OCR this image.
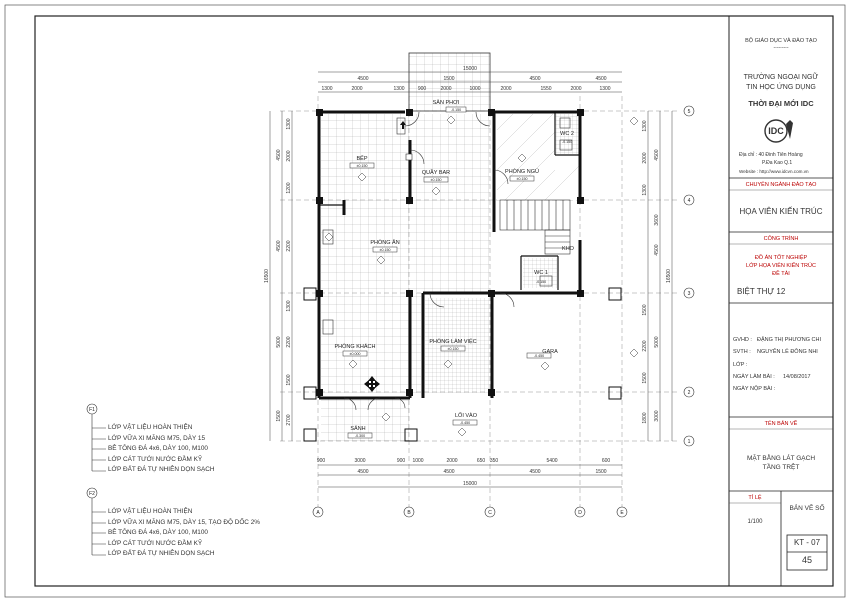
IDC
SÂN PHƠI
BẾP
QUẦY BAR	PHÒNG NGỦ
WC 2
PHÒNG ĂN
KHO
WC 1
PHÒNG KHÁCH
PHÒNG LÀM VIỆC
GARA
SẢNH
LỐI VÀO
-0.150
±0.150
±0.150	±0.150
-0.150
±0.150
-0.150
±0.000
±0.150
-0.450
-0.300
-0.450
5
4
3
2
1
A	B	C	D	E
15000
4500	1500	4500	4500
1300	2000	1300	900	2000	1000	2000	1550	2000	1300
900	3000	900 1000	2000	650 350	5400	600
4500	4500	4500	1500
15000
16500
4500
4500
5000
1500
1300
2000
1200
2200
1300
2200
1500
2700
1300
2000
1300
1500
2200
1500
1800
4500
3600
4500
5000
3000
16500
F1
F2
LỚP VẬT LIỆU HOÀN THIỆN
LỚP VỮA XI MĂNG M75, DÀY 15
BÊ TÔNG ĐÁ 4x6, DÀY 100, M100
LỚP CÁT TƯỚI NƯỚC ĐẦM KỸ
LỚP ĐẤT ĐÁ TỰ NHIÊN DỌN SẠCH
LỚP VẬT LIỆU HOÀN THIỆN
LỚP VỮA XI MĂNG M75, DÀY 15, TẠO ĐỘ DỐC 2%
BÊ TÔNG ĐÁ 4x6, DÀY 100, M100
LỚP CÁT TƯỚI NƯỚC ĐẦM KỸ
LỚP ĐẤT ĐÁ TỰ NHIÊN DỌN SẠCH
BỘ GIÁO DỤC VÀ ĐÀO TẠO
---------
TRƯỜNG NGOẠI NGỮ
TIN HỌC ỨNG DỤNG
THỜI ĐẠI MỚI IDC
Địa chỉ : 40 Đinh Tiên Hoàng
P.Đa Kao Q.1
Website : http://www.idcvn.com.vn
CHUYÊN NGÀNH ĐÀO TẠO
HỌA VIÊN KIẾN TRÚC
CÔNG TRÌNH
ĐỒ ÁN TỐT NGHIỆP
LỚP HỌA VIÊN KIẾN TRÚC
ĐỀ TÀI
BIỆT THỰ 12
GVHD : ĐẶNG THỊ PHƯƠNG CHI
SVTH :	NGUYỄN LÊ ĐÔNG NHI
LỚP :
NGÀY LÀM BÀI :	14/08/2017
NGÀY NỘP BÀI :
TÊN BẢN VẼ
MẶT BẰNG LÁT GẠCH
TẦNG TRỆT
TỈ LỆ
1/100
BẢN VẼ SỐ
KT - 07
45
